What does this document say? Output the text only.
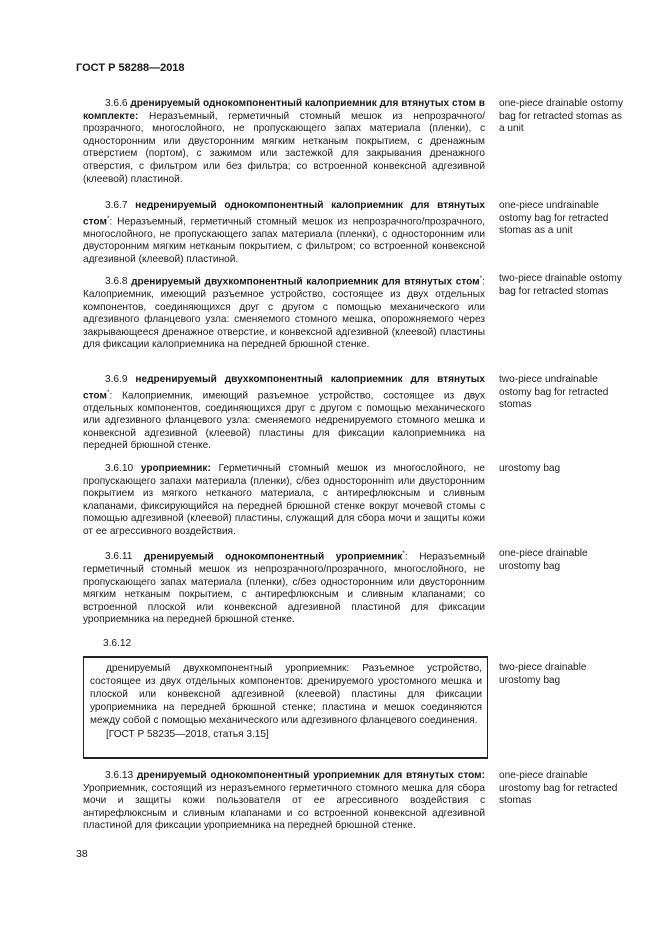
ГОСТ Р 58288—2018
3.6.6 дренируемый однокомпонентный калоприемник для втянутых стом в комплекте: Неразъемный, герметичный стомный мешок из непрозрачного/прозрачного, многослойного, не пропускающего запах материала (пленки), с односторонним или двусторонним мягким нетканым покрытием, с дренажным отверстием (портом), с зажимом или застежкой для закрывания дренажного отверстия, с фильтром или без фильтра; со встроенной конвексной адгезивной (клеевой) пластиной.
one-piece drainable ostomy bag for retracted stomas as a unit
3.6.7 недренируемый однокомпонентный калоприемник для втянутых стом*: Неразъемный, герметичный стомный мешок из непрозрачного/прозрачного, многослойного, не пропускающего запах материала (пленки), с односторонним или двусторонним мягким нетканым покрытием, с фильтром; со встроенной конвексной адгезивной (клеевой) пластиной.
one-piece undrainable ostomy bag for retracted stomas as a unit
3.6.8 дренируемый двухкомпонентный калоприемник для втянутых стом*: Калоприемник, имеющий разъемное устройство, состоящее из двух отдельных компонентов, соединяющихся друг с другом с помощью механического или адгезивного фланцевого узла: сменяемого стомного мешка, опорожняемого через закрывающееся дренажное отверстие, и конвексной адгезивной (клеевой) пластины для фиксации калоприемника на передней брюшной стенке.
two-piece drainable ostomy bag for retracted stomas
3.6.9 недренируемый двухкомпонентный калоприемник для втянутых стом*: Калоприемник, имеющий разъемное устройство, состоящее из двух отдельных компонентов, соединяющихся друг с другом с помощью механического или адгезивного фланцевого узла: сменяемого недренируемого стомного мешка и конвексной адгезивной (клеевой) пластины для фиксации калоприемника на передней брюшной стенке.
two-piece undrainable ostomy bag for retracted stomas
3.6.10 уроприемник: Герметичный стомный мешок из многослойного, не пропускающего запахи материала (пленки), с/без одностороннim или двусторонним покрытием из мягкого нетканого материала, с антирефлюксным и сливным клапанами, фиксирующийся на передней брюшной стенке вокруг мочевой стомы с помощью адгезивной (клеевой) пластины, служащий для сбора мочи и защиты кожи от ее агрессивного воздействия.
urostomy bag
3.6.11 дренируемый однокомпонентный уроприемник*: Неразъемный герметичный стомный мешок из непрозрачного/прозрачного, многослойного, не пропускающего запах материала (пленки), с/без односторонним или двусторонним мягким нетканым покрытием, с антирефлюксным и сливным клапанами; со встроенной плоской или конвексной адгезивной пластиной для фиксации уроприемника на передней брюшной стенке.
one-piece drainable urostomy bag
3.6.12
дренируемый двухкомпонентный уроприемник: Разъемное устройство, состоящее из двух отдельных компонентов: дренируемого уростомного мешка и плоской или конвексной адгезивной (клеевой) пластины для фиксации уроприемника на передней брюшной стенке; пластина и мешок соединяются между собой с помощью механического или адгезивного фланцевого соединения.
[ГОСТ Р 58235—2018, статья 3.15]
two-piece drainable urostomy bag
3.6.13 дренируемый однокомпонентный уроприемник для втянутых стом: Уроприемник, состоящий из неразъемного герметичного стомного мешка для сбора мочи и защиты кожи пользователя от ее агрессивного воздействия с антирефлюксным и сливным клапанами и со встроенной конвексной адгезивной пластиной для фиксации уроприемника на передней брюшной стенке.
one-piece drainable urostomy bag for retracted stomas
38
